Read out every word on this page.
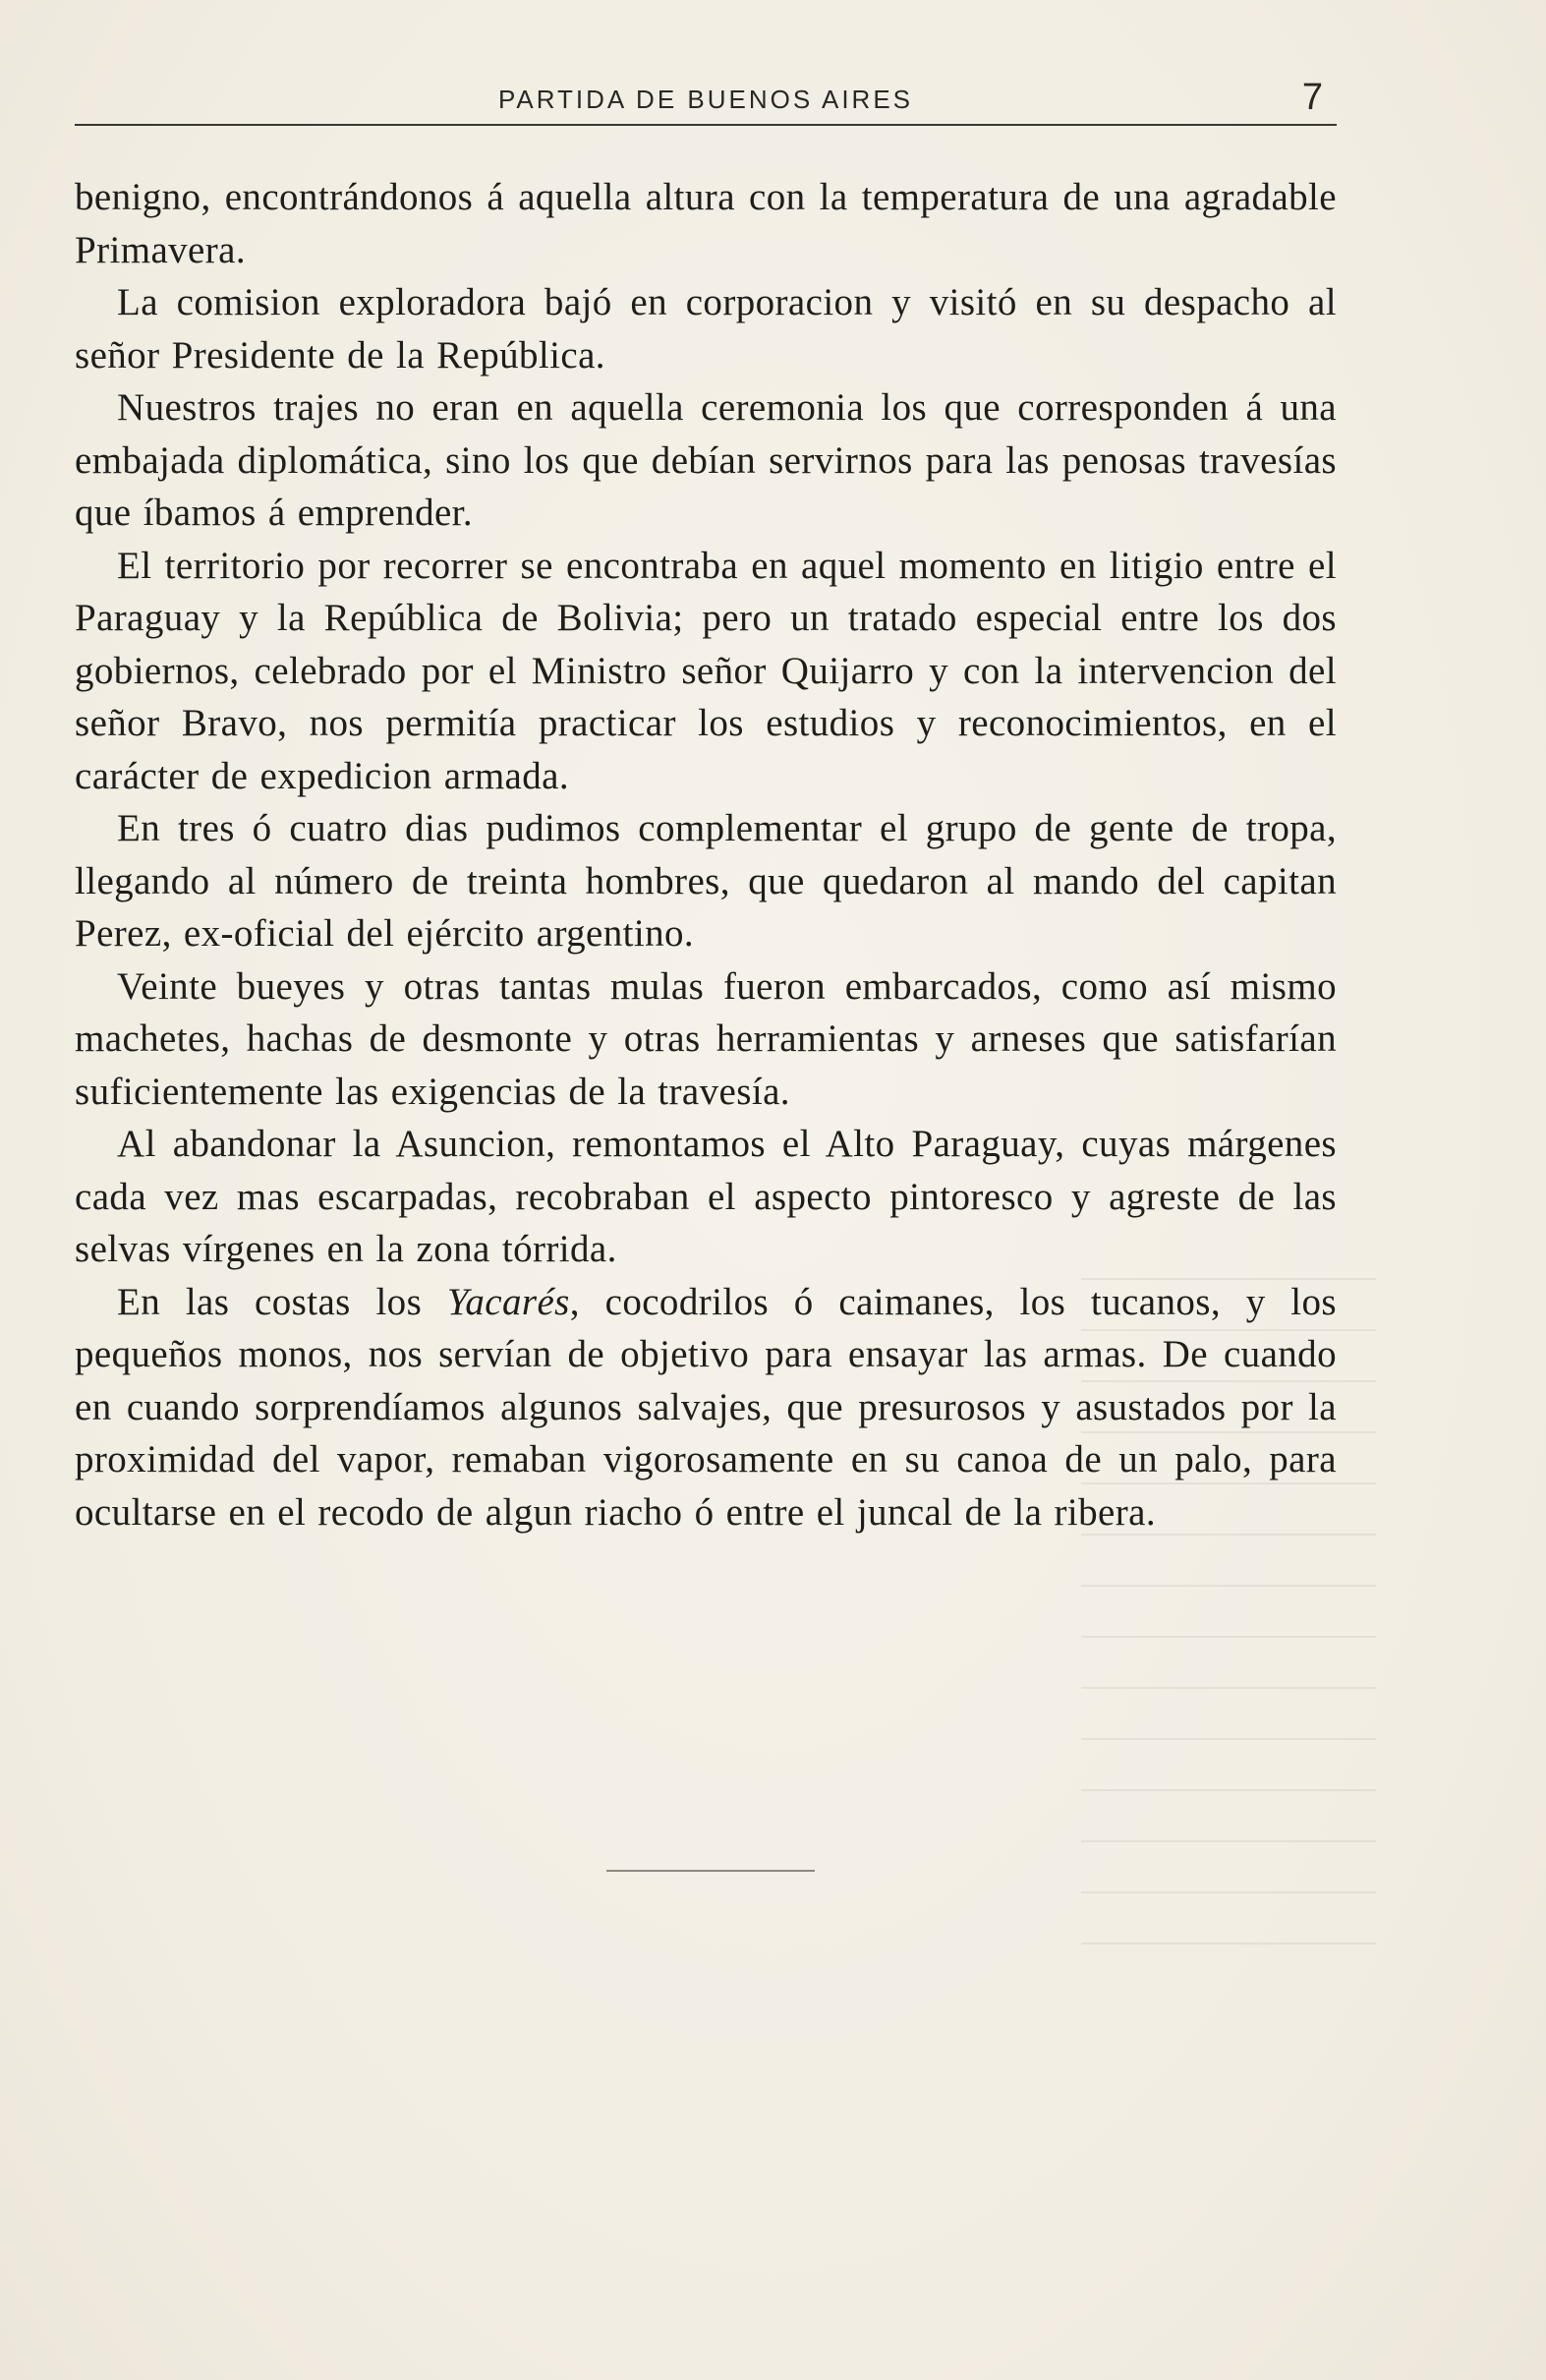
PARTIDA DE BUENOS AIRES	7

benigno, encontrándonos á aquella altura con la temperatura de una agradable Primavera.

La comision exploradora bajó en corporacion y visitó en su despacho al señor Presidente de la República.

Nuestros trajes no eran en aquella ceremonia los que corresponden á una embajada diplomática, sino los que debían servirnos para las penosas travesías que íbamos á emprender.

El territorio por recorrer se encontraba en aquel momento en litigio entre el Paraguay y la República de Bolivia; pero un tratado especial entre los dos gobiernos, celebrado por el Ministro señor Quijarro y con la intervencion del señor Bravo, nos permitía practicar los estudios y reconocimientos, en el carácter de expedicion armada.

En tres ó cuatro dias pudimos complementar el grupo de gente de tropa, llegando al número de treinta hombres, que quedaron al mando del capitan Perez, ex-oficial del ejército argentino.

Veinte bueyes y otras tantas mulas fueron embarcados, como así mismo machetes, hachas de desmonte y otras herramientas y arneses que satisfarían suficientemente las exigencias de la travesía.

Al abandonar la Asuncion, remontamos el Alto Paraguay, cuyas márgenes cada vez mas escarpadas, recobraban el aspecto pintoresco y agreste de las selvas vírgenes en la zona tórrida.

En las costas los Yacarés, cocodrilos ó caimanes, los tucanos, y los pequeños monos, nos servían de objetivo para ensayar las armas. De cuando en cuando sorprendíamos algunos salvajes, que presurosos y asustados por la proximidad del vapor, remaban vigorosamente en su canoa de un palo, para ocultarse en el recodo de algun riacho ó entre el juncal de la ribera.
